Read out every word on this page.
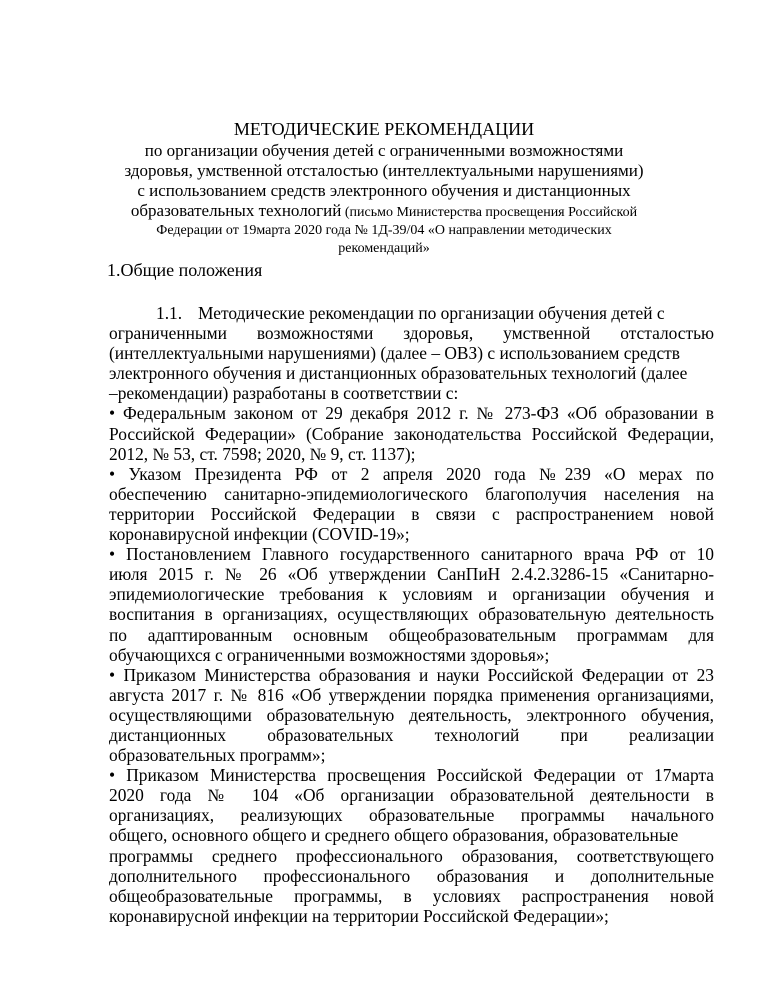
МЕТОДИЧЕСКИЕ РЕКОМЕНДАЦИИ
по организации обучения детей с ограниченными возможностями
здоровья, умственной отсталостью (интеллектуальными нарушениями)
с использованием средств электронного обучения и дистанционных
образовательных технологий (письмо Министерства просвещения Российской
Федерации от 19марта 2020 года № 1Д-39/04 «О направлении методических
рекомендаций»
1.Общие положения
1.1. Методические рекомендации по организации обучения детей с
ограниченными возможностями здоровья, умственной отсталостью
(интеллектуальными нарушениями) (далее – ОВЗ) с использованием средств
электронного обучения и дистанционных образовательных технологий (далее
–рекомендации) разработаны в соответствии с:
• Федеральным законом от 29 декабря 2012 г. № 273-ФЗ «Об образовании в
Российской Федерации» (Собрание законодательства Российской Федерации,
2012, № 53, ст. 7598; 2020, № 9, ст. 1137);
• Указом Президента РФ от 2 апреля 2020 года №239 «О мерах по
обеспечению санитарно-эпидемиологического благополучия населения на
территории Российской Федерации в связи с распространением новой
коронавирусной инфекции (COVID-19»;
• Постановлением Главного государственного санитарного врача РФ от 10
июля 2015 г. № 26 «Об утверждении СанПиН 2.4.2.3286-15 «Санитарно-
эпидемиологические требования к условиям и организации обучения и
воспитания в организациях, осуществляющих образовательную деятельность
по адаптированным основным общеобразовательным программам для
обучающихся с ограниченными возможностями здоровья»;
• Приказом Министерства образования и науки Российской Федерации от 23
августа 2017 г. № 816 «Об утверждении порядка применения организациями,
осуществляющими образовательную деятельность, электронного обучения,
дистанционных образовательных технологий при реализации
образовательных программ»;
• Приказом Министерства просвещения Российской Федерации от 17марта
2020 года № 104 «Об организации образовательной деятельности в
организациях, реализующих образовательные программы начального
общего, основного общего и среднего общего образования, образовательные
программы среднего профессионального образования, соответствующего
дополнительного профессионального образования и дополнительные
общеобразовательные программы, в условиях распространения новой
коронавирусной инфекции на территории Российской Федерации»;
